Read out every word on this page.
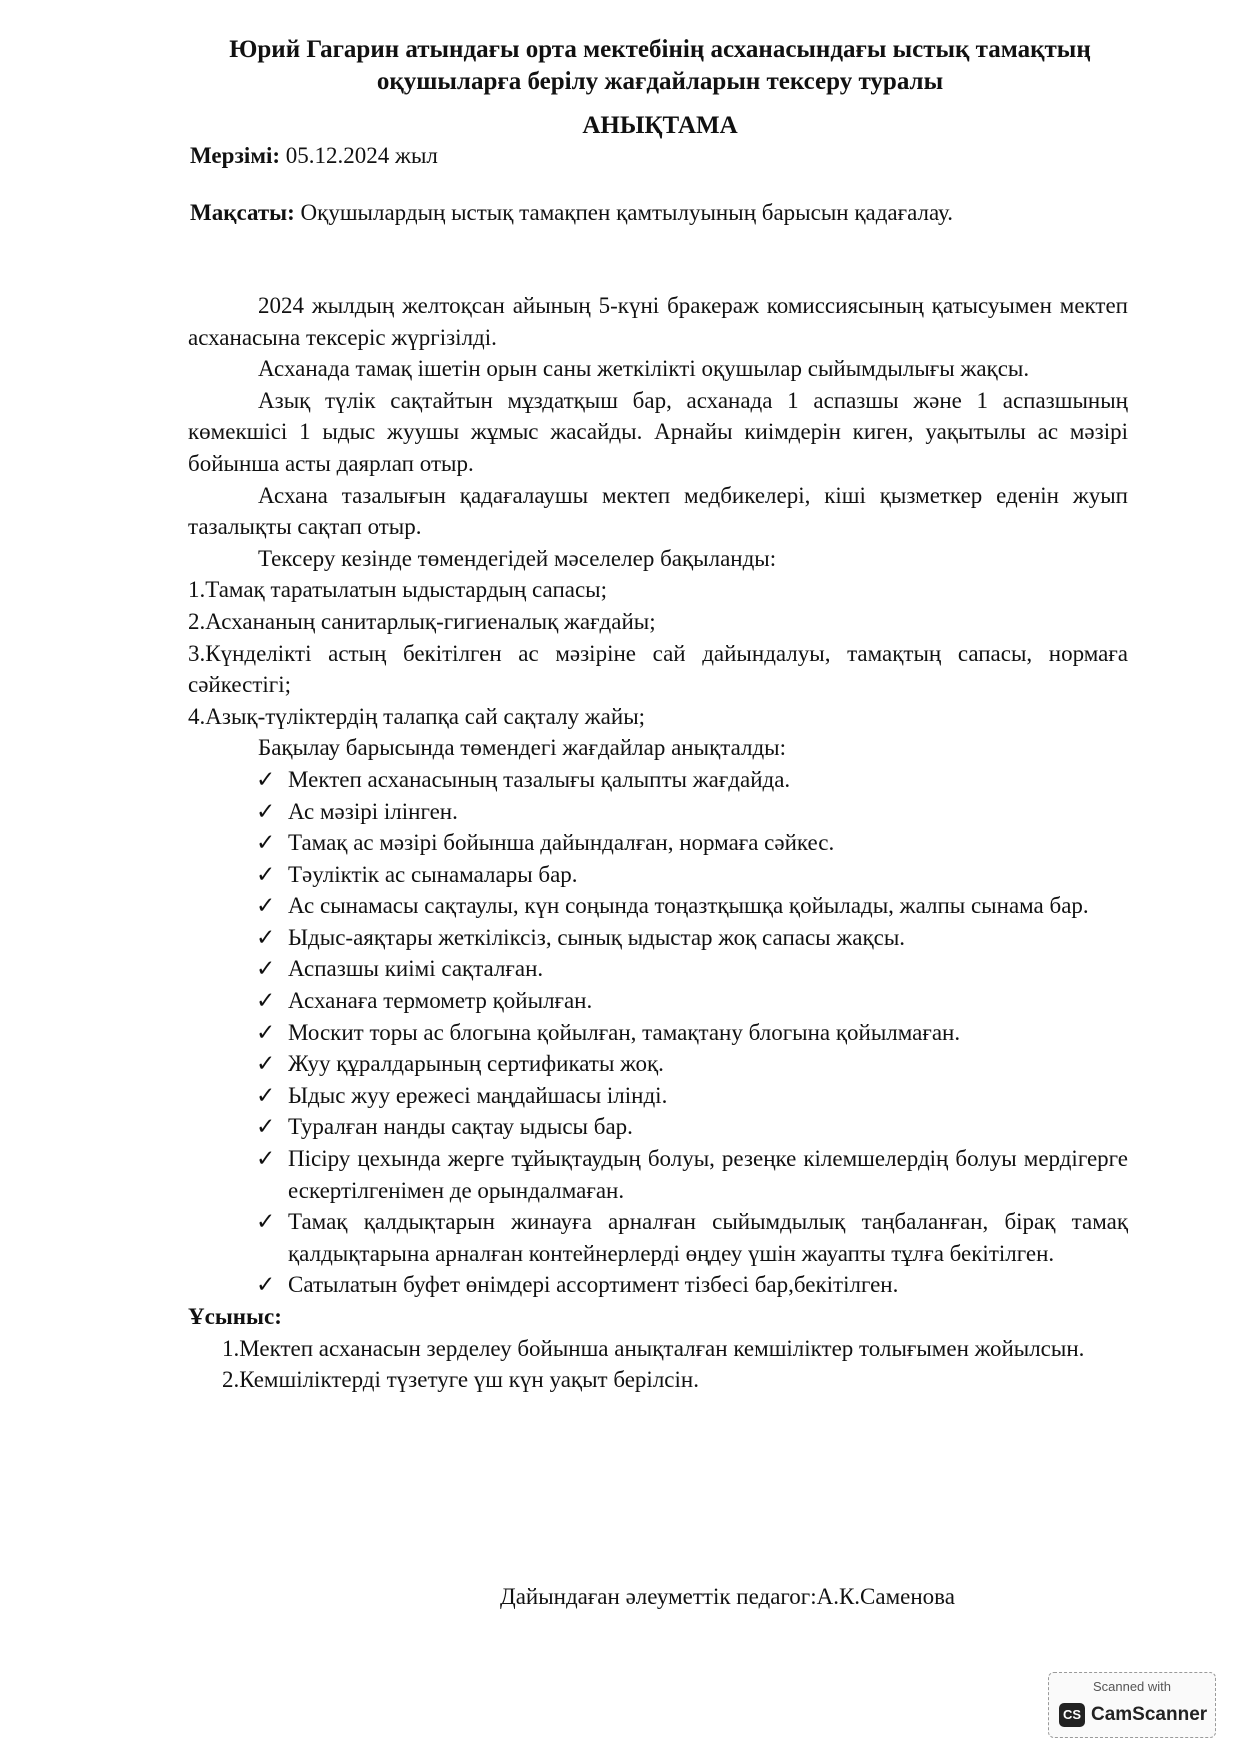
Юрий Гагарин атындағы орта мектебінің асханасындағы ыстық тамақтың
оқушыларға берілу жағдайларын тексеру туралы
АНЫҚТАМА

Мерзімі: 05.12.2024 жыл

Мақсаты: Оқушылардың ыстық тамақпен қамтылуының барысын қадағалау.

2024 жылдың желтоқсан айының 5-күні бракераж комиссиясының қатысуымен мектеп асханасына тексеріс жүргізілді.

Асханада тамақ ішетін орын саны жеткілікті оқушылар сыйымдылығы жақсы.

Азық түлік сақтайтын мұздатқыш бар, асханада 1 аспазшы және 1 аспазшының көмекшісі 1 ыдыс жуушы жұмыс жасайды. Арнайы киімдерін киген, уақытылы ас мәзірі бойынша асты даярлап отыр.

Асхана тазалығын қадағалаушы мектеп медбикелері, кіші қызметкер еденін жуып тазалықты сақтап отыр.

Тексеру кезінде төмендегідей мәселелер бақыланды:

1.Тамақ таратылатын ыдыстардың сапасы;

2.Асхананың санитарлық-гигиеналық жағдайы;

3.Күнделікті астың бекітілген ас мәзіріне сай дайындалуы, тамақтың сапасы, нормаға сәйкестігі;

4.Азық-түліктердің талапқа сай сақталу жайы;

Бақылау барысында төмендегі жағдайлар анықталды:

✓ Мектеп асханасының тазалығы қалыпты жағдайда.
✓ Ас мәзірі ілінген.
✓ Тамақ ас мәзірі бойынша дайындалған, нормаға сәйкес.
✓ Тәуліктік ас сынамалары бар.
✓ Ас сынамасы сақтаулы, күн соңында тоңазтқышқа қойылады, жалпы сынама бар.
✓ Ыдыс-аяқтары жеткіліксіз, сынық ыдыстар жоқ сапасы жақсы.
✓ Аспазшы киімі сақталған.
✓ Асханаға термометр қойылған.
✓ Москит торы ас блогына қойылған, тамақтану блогына қойылмаған.
✓ Жуу құралдарының сертификаты жоқ.
✓ Ыдыс жуу ережесі маңдайшасы ілінді.
✓ Туралған нанды сақтау ыдысы бар.
✓ Пісіру цехында жерге тұйықтаудың болуы, резеңке кілемшелердің болуы мердігерге ескертілгенімен де орындалмаған.
✓ Тамақ қалдықтарын жинауға арналған сыйымдылық таңбаланған, бірақ тамақ қалдықтарына арналған контейнерлерді өңдеу үшін жауапты тұлға бекітілген.
✓ Сатылатын буфет өнімдері ассортимент тізбесі бар,бекітілген.

Ұсыныс:

1.Мектеп асханасын зерделеу бойынша анықталған кемшіліктер толығымен жойылсын.

2.Кемшіліктерді түзетуге үш күн уақыт берілсін.

Дайындаған әлеуметтік педагог:А.К.Саменова

Scanned with
CS CamScanner
